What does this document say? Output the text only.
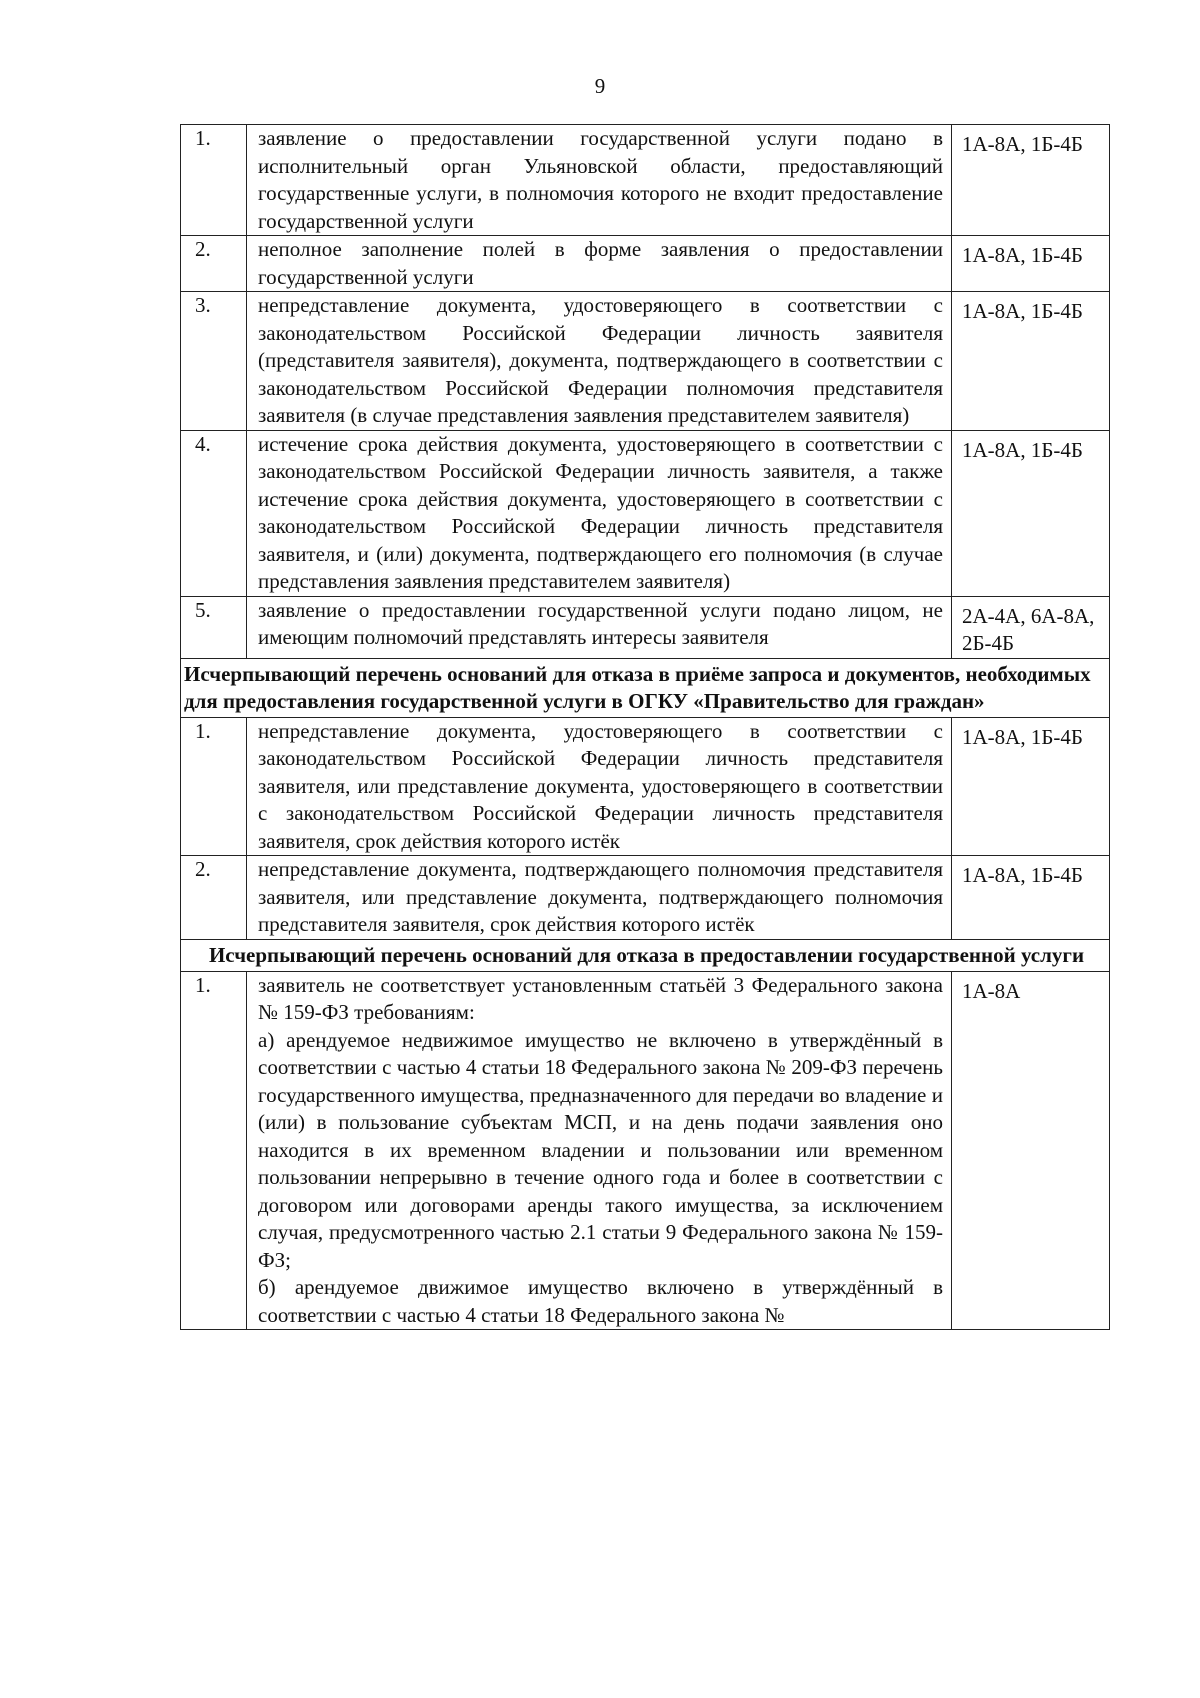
9
1.	заявление о предоставлении государственной услуги подано в исполнительный орган Ульяновской области, предоставляющий государственные услуги, в полномочия которого не входит предоставление государственной услуги	1А-8А, 1Б-4Б
2.	неполное заполнение полей в форме заявления о предоставлении государственной услуги	1А-8А, 1Б-4Б
3.	непредставление документа, удостоверяющего в соответствии с законодательством Российской Федерации личность заявителя (представителя заявителя), документа, подтверждающего в соответствии с законодательством Российской Федерации полномочия представителя заявителя (в случае представления заявления представителем заявителя)	1А-8А, 1Б-4Б
4.	истечение срока действия документа, удостоверяющего в соответствии с законодательством Российской Федерации личность заявителя, а также истечение срока действия документа, удостоверяющего в соответствии с законодательством Российской Федерации личность представителя заявителя, и (или) документа, подтверждающего его полномочия (в случае представления заявления представителем заявителя)	1А-8А, 1Б-4Б
5.	заявление о предоставлении государственной услуги подано лицом, не имеющим полномочий представлять интересы заявителя	2А-4А, 6А-8А, 2Б-4Б
Исчерпывающий перечень оснований для отказа в приёме запроса и документов, необходимых для предоставления государственной услуги в ОГКУ «Правительство для граждан»		
1.	непредставление документа, удостоверяющего в соответствии с законодательством Российской Федерации личность представителя заявителя, или представление документа, удостоверяющего в соответствии с законодательством Российской Федерации личность представителя заявителя, срок действия которого истёк	1А-8А, 1Б-4Б
2.	непредставление документа, подтверждающего полномочия представителя заявителя, или представление документа, подтверждающего полномочия представителя заявителя, срок действия которого истёк	1А-8А, 1Б-4Б
Исчерпывающий перечень оснований для отказа в предоставлении государственной услуги		
1.	заявитель не соответствует установленным статьёй 3 Федерального закона № 159-ФЗ требованиям:

а) арендуемое недвижимое имущество не включено в утверждённый в соответствии с частью 4 статьи 18 Федерального закона № 209-ФЗ перечень государственного имущества, предназначенного для передачи во владение и (или) в пользование субъектам МСП, и на день подачи заявления оно находится в их временном владении и пользовании или временном пользовании непрерывно в течение одного года и более в соответствии с договором или договорами аренды такого имущества, за исключением случая, предусмотренного частью 2.1 статьи 9 Федерального закона № 159-ФЗ;

б) арендуемое движимое имущество включено в утверждённый в соответствии с частью 4 статьи 18 Федерального закона №	1А-8А
